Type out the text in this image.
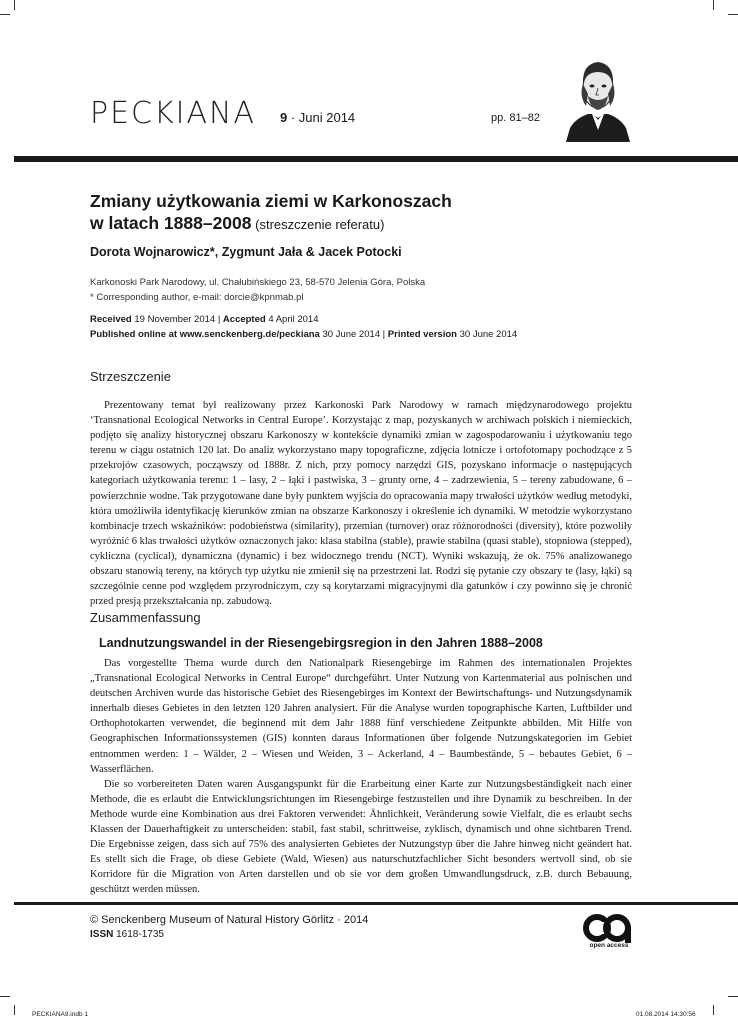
PECKIANA 9 · Juni 2014	pp. 81–82
Zmiany użytkowania ziemi w Karkonoszach
w latach 1888–2008 (streszczenie referatu)
Dorota Wojnarowicz*, Zygmunt Jała & Jacek Potocki
Karkonoski Park Narodowy, ul. Chałubińskiego 23, 58-570 Jelenia Góra, Polska
* Corresponding author, e-mail: dorcie@kpnmab.pl
Received 19 November 2014 | Accepted 4 April 2014
Published online at www.senckenberg.de/peckiana 30 June 2014 | Printed version 30 June 2014
Strzeszczenie

Prezentowany temat był realizowany przez Karkonoski Park Narodowy w ramach międzynarodowego projektu ‘Transnational Ecological Networks in Central Europe’. Korzystając z map, pozyskanych w archiwach polskich i niemieckich, podjęto się analizy historycznej obszaru Karkonoszy w kontekście dynamiki zmian w zagospodarowaniu i użytkowaniu tego terenu w ciągu ostatnich 120 lat. Do analiz wykorzystano mapy topograficzne, zdjęcia lotnicze i ortofotomapy pochodzące z 5 przekrojów czasowych, począwszy od 1888r. Z nich, przy pomocy narzędzi GIS, pozyskano informacje o następujących kategoriach użytkowania terenu: 1 – lasy, 2 – łąki i pastwiska, 3 – grunty orne, 4 – zadrzewienia, 5 – tereny zabudowane, 6 – powierzchnie wodne. Tak przygotowane dane były punktem wyjścia do opracowania mapy trwałości użytków według metodyki, która umożliwiła identyfikację kierunków zmian na obszarze Karkonoszy i określenie ich dynamiki. W metodzie wykorzystano kombinacje trzech wskaźników: podobieństwa (similarity), przemian (turnover) oraz różnorodności (diversity), które pozwoliły wyróżnić 6 klas trwałości użytków oznaczonych jako: klasa stabilna (stable), prawie stabilna (quasi stable), stopniowa (stepped), cykliczna (cyclical), dynamiczna (dynamic) i bez widocznego trendu (NCT). Wyniki wskazują, że ok. 75% analizowanego obszaru stanowią tereny, na których typ użytku nie zmienił się na przestrzeni lat. Rodzi się pytanie czy obszary te (lasy, łąki) są szczególnie cenne pod względem przyrodniczym, czy są korytarzami migracyjnymi dla gatunków i czy powinno się je chronić przed presją przekształcania np. zabudową.

Zusammenfassung
Landnutzungswandel in der Riesengebirgsregion in den Jahren 1888–2008

Das vorgestellte Thema wurde durch den Nationalpark Riesengebirge im Rahmen des internationalen Projektes „Transnational Ecological Networks in Central Europe“ durchgeführt. Unter Nutzung von Kartenmaterial aus polnischen und deutschen Archiven wurde das historische Gebiet des Riesengebirges im Kontext der Bewirtschaftungs- und Nutzungsdynamik innerhalb dieses Gebietes in den letzten 120 Jahren analysiert. Für die Analyse wurden topographische Karten, Luftbilder und Orthophotokarten verwendet, die beginnend mit dem Jahr 1888 fünf verschiedene Zeitpunkte abbilden. Mit Hilfe von Geographischen Informationssystemen (GIS) konnten daraus Informationen über folgende Nutzungskategorien im Gebiet entnommen werden: 1 – Wälder, 2 – Wiesen und Weiden, 3 – Ackerland, 4 – Baumbestände, 5 – bebautes Gebiet, 6 – Wasserflächen.

Die so vorbereiteten Daten waren Ausgangspunkt für die Erarbeitung einer Karte zur Nutzungsbeständigkeit nach einer Methode, die es erlaubt die Entwicklungsrichtungen im Riesengebirge festzustellen und ihre Dynamik zu beschreiben. In der Methode wurde eine Kombination aus drei Faktoren verwendet: Ähnlichkeit, Veränderung sowie Vielfalt, die es erlaubt sechs Klassen der Dauerhaftigkeit zu unterscheiden: stabil, fast stabil, schrittweise, zyklisch, dynamisch und ohne sichtbaren Trend. Die Ergebnisse zeigen, dass sich auf 75% des analysierten Gebietes der Nutzungstyp über die Jahre hinweg nicht geändert hat. Es stellt sich die Frage, ob diese Gebiete (Wald, Wiesen) aus naturschutzfachlicher Sicht besonders wertvoll sind, ob sie Korridore für die Migration von Arten darstellen und ob sie vor dem großen Umwandlungsdruck, z.B. durch Bebauung, geschützt werden müssen.

© Senckenberg Museum of Natural History Görlitz · 2014
ISSN 1618-1735
open access
PECKIANA9.indb 1	01.08.2014 14:30:56
